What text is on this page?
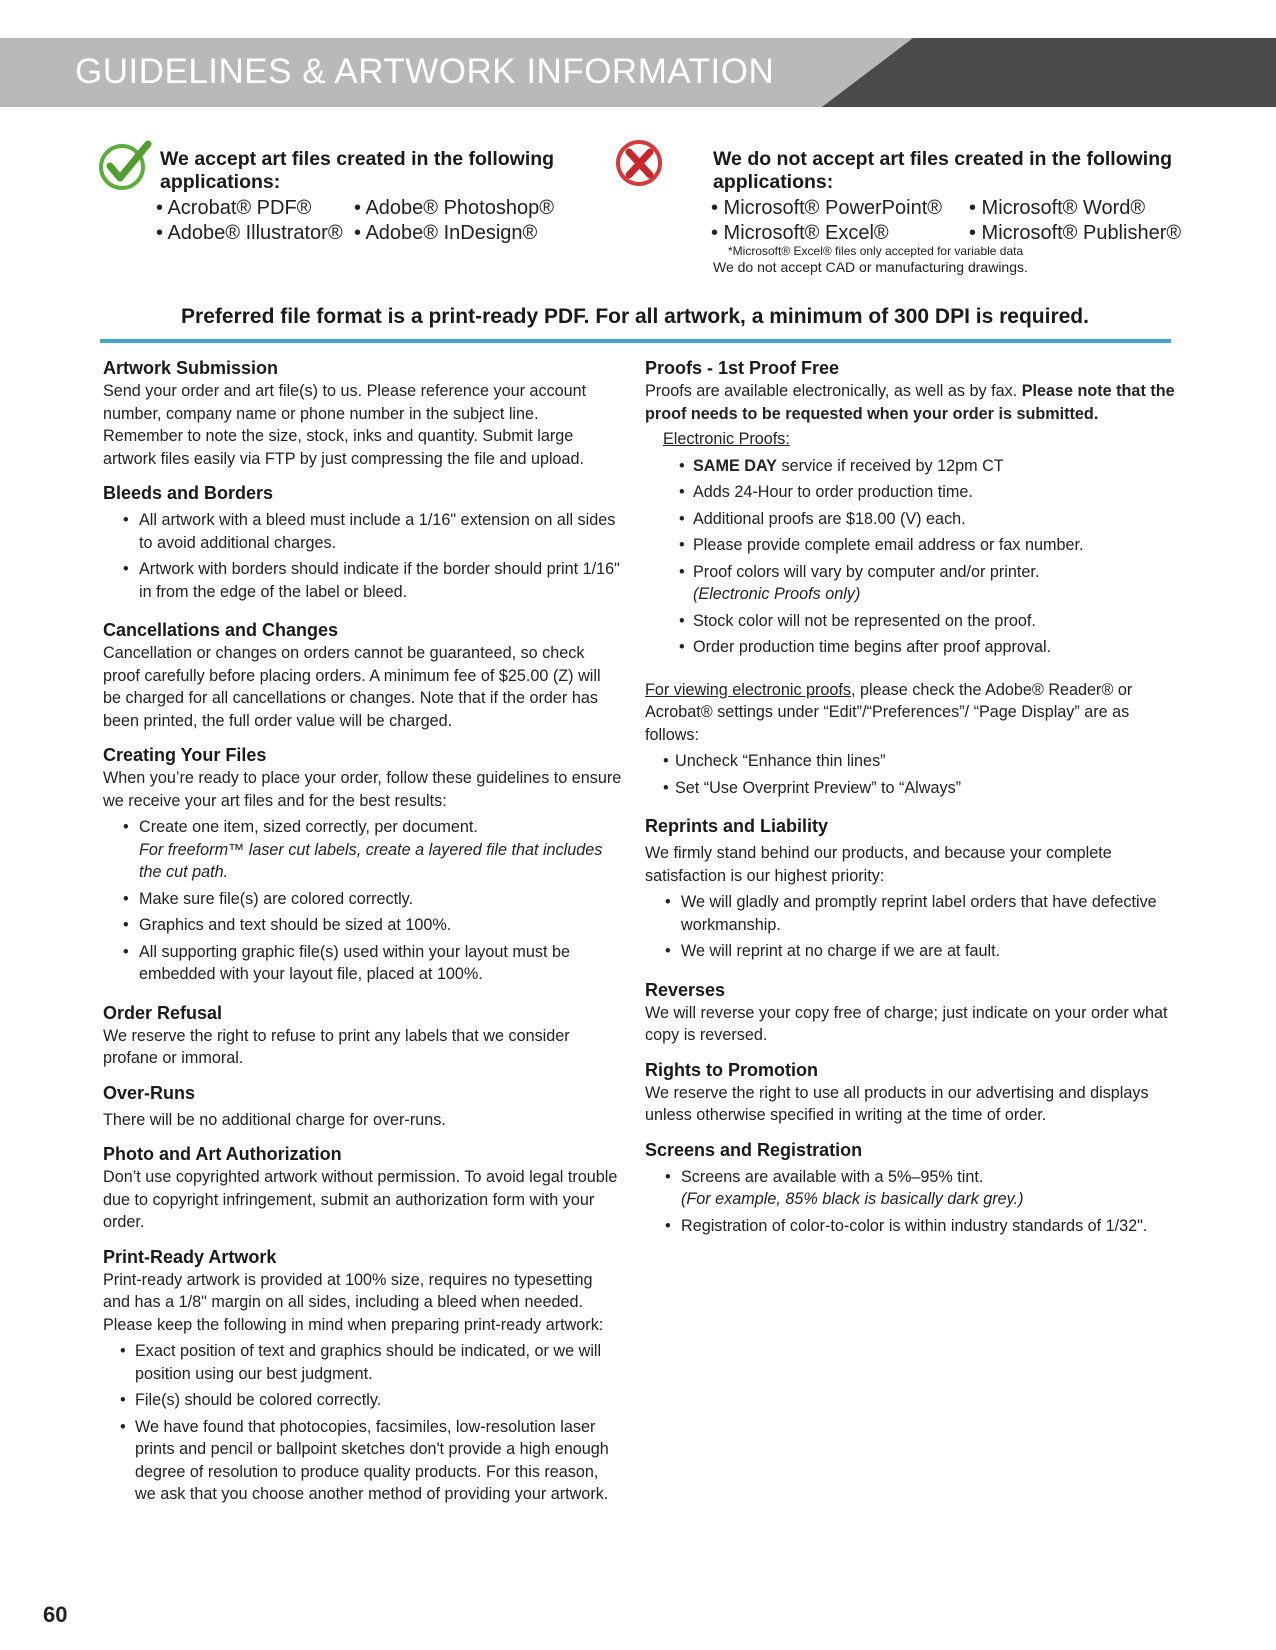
GUIDELINES & ARTWORK INFORMATION
We accept art files created in the following applications:
• Acrobat® PDF®
• Adobe® Illustrator®
• Adobe® Photoshop®
• Adobe® InDesign®
We do not accept art files created in the following applications:
• Microsoft® PowerPoint®
• Microsoft® Excel®
• Microsoft® Word®
• Microsoft® Publisher®
*Microsoft® Excel® files only accepted for variable data
We do not accept CAD or manufacturing drawings.
Preferred file format is a print-ready PDF. For all artwork, a minimum of 300 DPI is required.
Artwork Submission

Send your order and art file(s) to us. Please reference your account number, company name or phone number in the subject line. Remember to note the size, stock, inks and quantity. Submit large artwork files easily via FTP by just compressing the file and upload.

Bleeds and Borders
• All artwork with a bleed must include a 1/16" extension on all sides to avoid additional charges.
• Artwork with borders should indicate if the border should print 1/16" in from the edge of the label or bleed.
Cancellations and Changes

Cancellation or changes on orders cannot be guaranteed, so check proof carefully before placing orders. A minimum fee of $25.00 (Z) will be charged for all cancellations or changes. Note that if the order has been printed, the full order value will be charged.

Creating Your Files

When you’re ready to place your order, follow these guidelines to ensure we receive your art files and for the best results:

• Create one item, sized correctly, per document.
For freeform™ laser cut labels, create a layered file that includes the cut path.
• Make sure file(s) are colored correctly.
• Graphics and text should be sized at 100%.
• All supporting graphic file(s) used within your layout must be embedded with your layout file, placed at 100%.
Order Refusal

We reserve the right to refuse to print any labels that we consider profane or immoral.

Over-Runs

There will be no additional charge for over-runs.

Photo and Art Authorization

Don’t use copyrighted artwork without permission. To avoid legal trouble due to copyright infringement, submit an authorization form with your order.

Print-Ready Artwork

Print-ready artwork is provided at 100% size, requires no typesetting and has a 1/8" margin on all sides, including a bleed when needed. Please keep the following in mind when preparing print-ready artwork:

• Exact position of text and graphics should be indicated, or we will position using our best judgment.
• File(s) should be colored correctly.
• We have found that photocopies, facsimiles, low-resolution laser prints and pencil or ballpoint sketches don't provide a high enough degree of resolution to produce quality products. For this reason, we ask that you choose another method of providing your artwork.
Proofs - 1st Proof Free

Proofs are available electronically, as well as by fax. Please note that the proof needs to be requested when your order is submitted.

Electronic Proofs:
• SAME DAY service if received by 12pm CT
• Adds 24-Hour to order production time.
• Additional proofs are $18.00 (V) each.
• Please provide complete email address or fax number.
• Proof colors will vary by computer and/or printer.
(Electronic Proofs only)
• Stock color will not be represented on the proof.
• Order production time begins after proof approval.

For viewing electronic proofs, please check the Adobe® Reader® or Acrobat® settings under “Edit”/“Preferences”/ “Page Display” are as follows:

• Uncheck “Enhance thin lines”
• Set “Use Overprint Preview” to “Always”
Reprints and Liability

We firmly stand behind our products, and because your complete satisfaction is our highest priority:

• We will gladly and promptly reprint label orders that have defective workmanship.
• We will reprint at no charge if we are at fault.
Reverses

We will reverse your copy free of charge; just indicate on your order what copy is reversed.

Rights to Promotion

We reserve the right to use all products in our advertising and displays unless otherwise specified in writing at the time of order.

Screens and Registration
• Screens are available with a 5%–95% tint.
(For example, 85% black is basically dark grey.)
• Registration of color-to-color is within industry standards of 1/32".
60
